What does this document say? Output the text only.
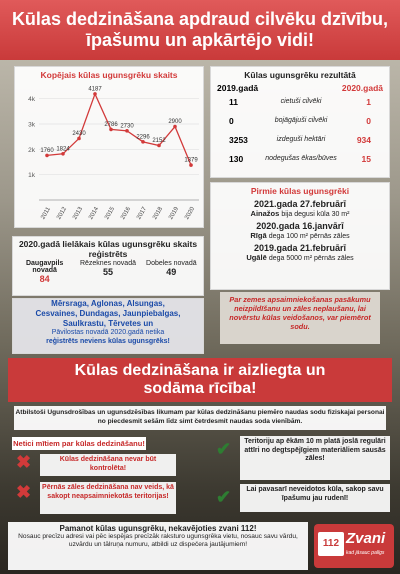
Kūlas dedzināšana apdraud cilvēku dzīvību,
īpašumu un apkārtējo vidi!
Kopējais kūlas ugunsgrēku skaits
1k
2k
3k
4k
1760
2011
1824
2012
2430
2013
4187
2014
2786
2015
2730
2016
2296
2017
2152
2018
2900
2019
1379
2020
Kūlas ugunsgrēku rezultātā
2019.gadā	2020.gadā
11	cietuši cilvēki	1
0	bojāgājuši cilvēki	0
3253	izdeguši hektāri	934
130	nodegušas ēkas/būves	15
Pirmie kūlas ugunsgrēki
2021.gada 27.februārī
Ainažos bija degusi kūla 30 m²
2020.gada 16.janvārī
Rīgā dega 100 m² pērnās zāles
2019.gada 21.februārī
Ugālē dega 5000 m² pērnās zāles
Par zemes apsaimniekošanas pasākumu neizpildīšanu un zāles neplaušanu, lai novērstu kūlas veidošanos, var piemērot sodu.
2020.gadā lielākais kūlas ugunsgrēku skaits reģistrēts
Daugavpils novadā
84
Rēzeknes novadā
55
Dobeles novadā
49
Mērsraga, Aglonas, Alsungas,
Cesvaines, Dundagas, Jaunpiebalgas,
Saulkrastu, Tērvetes un
Pāvilostas novadā 2020.gadā netika
reģistrēts neviens kūlas ugunsgrēks!
Kūlas dedzināšana ir aizliegta un
sodāma rīcība!
Atbilstoši Ugunsdrošības un ugunsdzēsības likumam par kūlas dedzināšanu piemēro naudas sodu fiziskajai personai no piecdesmit sešām līdz simt četrdesmit naudas soda vienībām.
Netici mītiem par kūlas dedzināšanu!
✖	Kūlas dedzināšana nevar būt kontrolēta!
✖ Pērnās zāles dedzināšana nav veids, kā sakopt neapsaimniekotās teritorijas!
✔	Teritoriju ap ēkām 10 m platā joslā regulāri attīri no degtspējīgiem materiāliem sausās zāles!
✔	Lai pavasarī neveidotos kūla, sakop savu īpašumu jau rudenī!
Pamanot kūlas ugunsgrēku, nekavējoties zvani 112!
Nosauc precīzu adresi vai pēc iespējas precīzāk raksturo ugunsgrēka vietu, nosauc savu vārdu, uzvārdu un tālruņa numuru, atbildi uz dispečera jautājumiem!	112 Zvani
kad jāsauc palīgs
